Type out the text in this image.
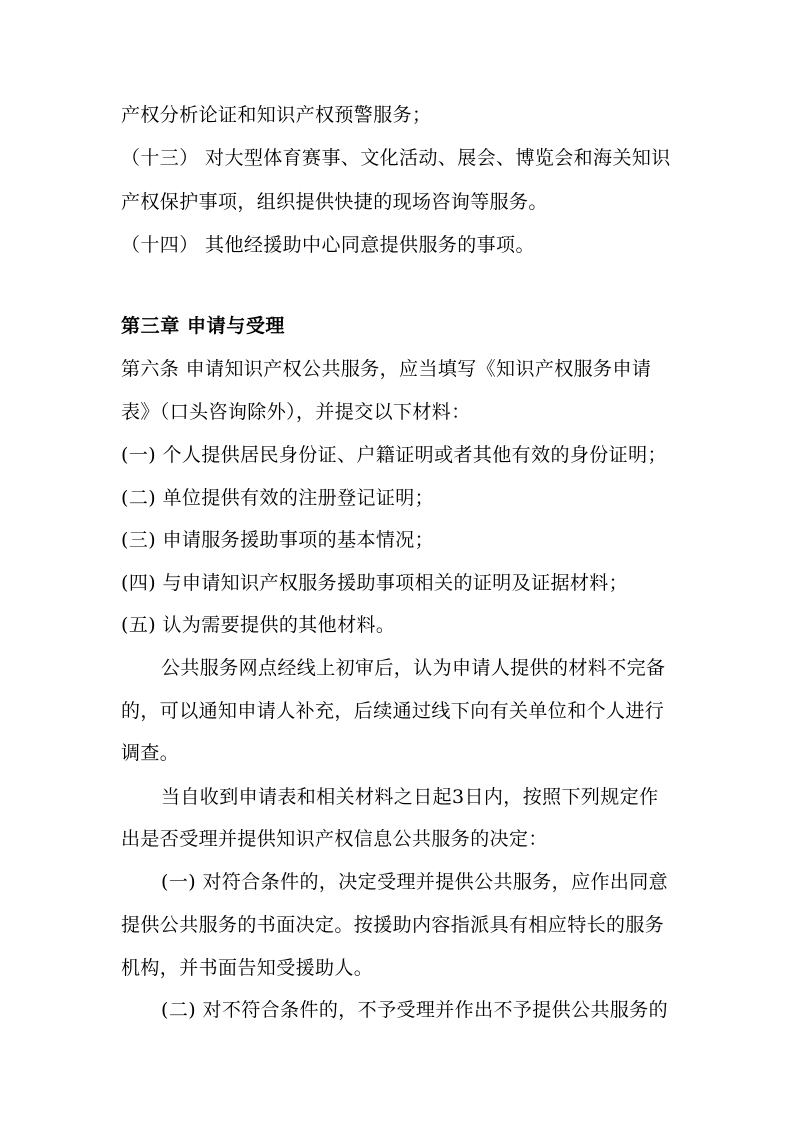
产权分析论证和知识产权预警服务；
（十三） 对大型体育赛事、文化活动、展会、博览会和海关知识
产权保护事项，组织提供快捷的现场咨询等服务。
（十四） 其他经援助中心同意提供服务的事项。
第三章 申请与受理
第六条 申请知识产权公共服务，应当填写《知识产权服务申请
表》（口头咨询除外），并提交以下材料：
(一) 个人提供居民身份证、户籍证明或者其他有效的身份证明；
(二) 单位提供有效的注册登记证明；
(三) 申请服务援助事项的基本情况；
(四) 与申请知识产权服务援助事项相关的证明及证据材料；
(五) 认为需要提供的其他材料。
公共服务网点经线上初审后，认为申请人提供的材料不完备
的，可以通知申请人补充，后续通过线下向有关单位和个人进行
调查。
当自收到申请表和相关材料之日起3日内，按照下列规定作
出是否受理并提供知识产权信息公共服务的决定：
(一) 对符合条件的，决定受理并提供公共服务，应作出同意
提供公共服务的书面决定。按援助内容指派具有相应特长的服务
机构，并书面告知受援助人。
(二) 对不符合条件的，不予受理并作出不予提供公共服务的
